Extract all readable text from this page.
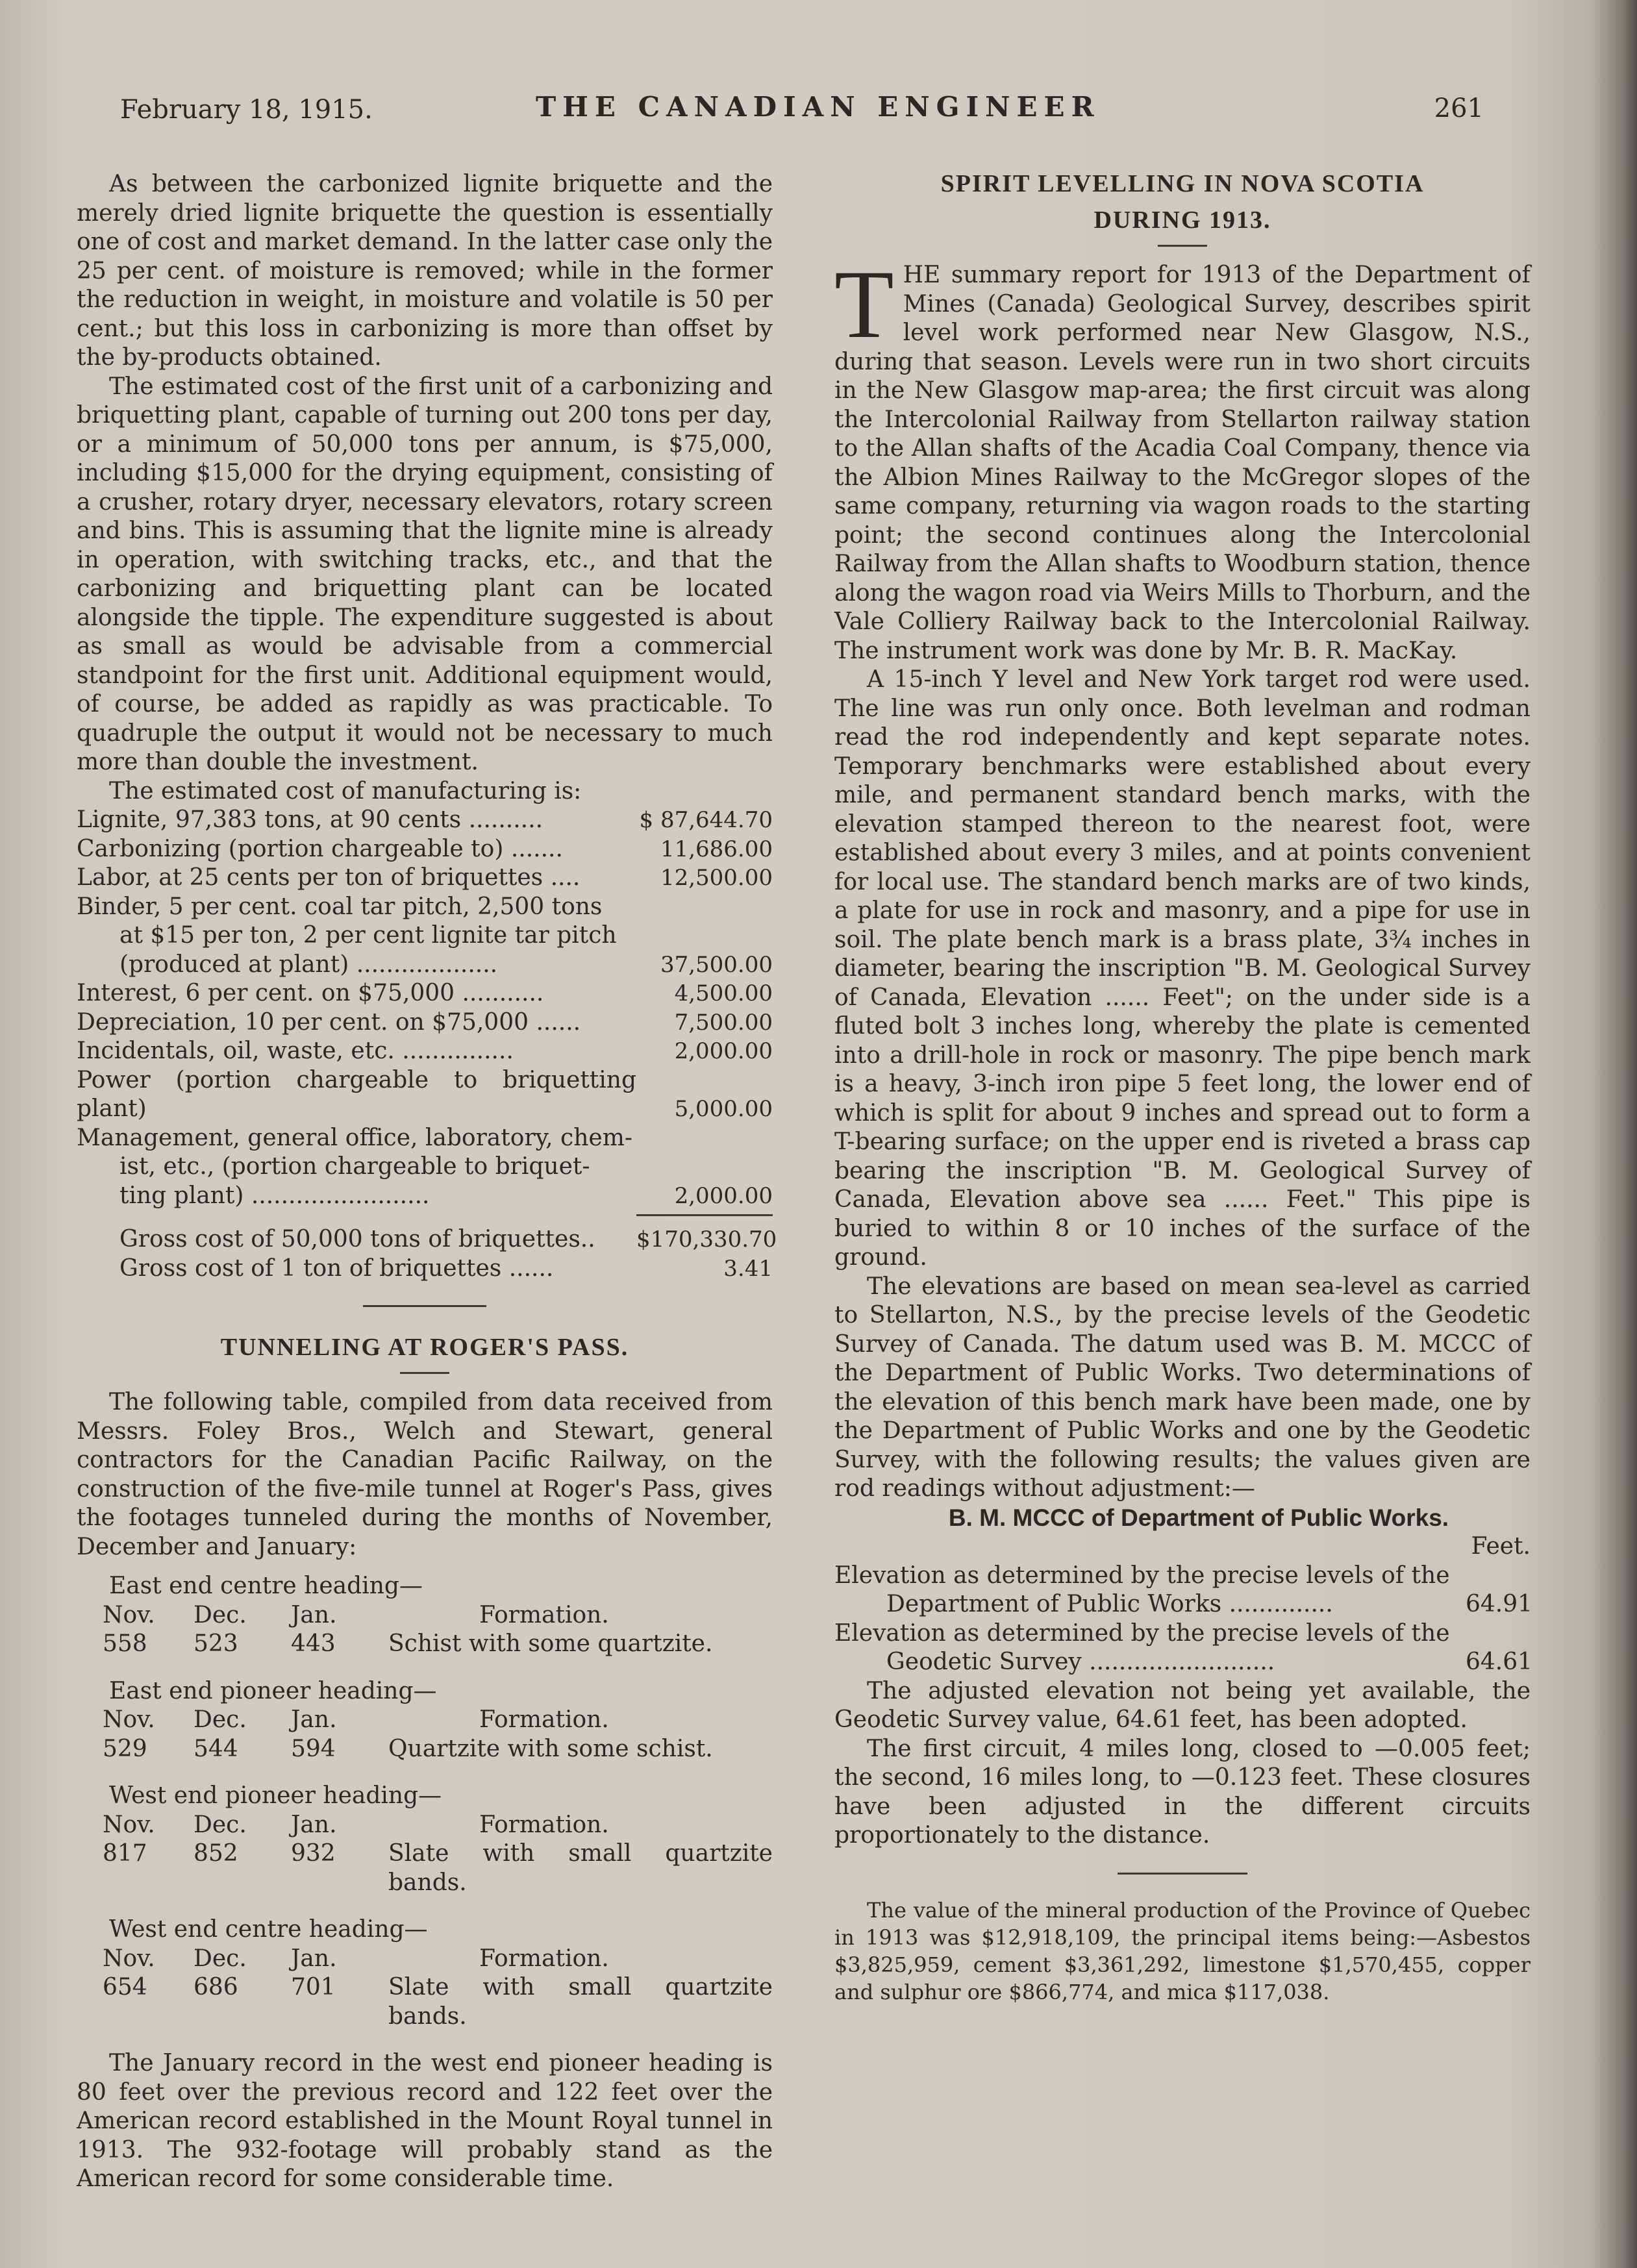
February 18, 1915.	THE CANADIAN ENGINEER	261

As between the carbonized lignite briquette and the merely dried lignite briquette the question is essentially one of cost and market demand. In the latter case only the 25 per cent. of moisture is removed; while in the former the reduction in weight, in moisture and volatile is 50 per cent.; but this loss in carbonizing is more than offset by the by-products obtained.

The estimated cost of the first unit of a carbonizing and briquetting plant, capable of turning out 200 tons per day, or a minimum of 50,000 tons per annum, is $75,000, including $15,000 for the drying equipment, consisting of a crusher, rotary dryer, necessary elevators, rotary screen and bins. This is assuming that the lignite mine is already in operation, with switching tracks, etc., and that the carbonizing and briquetting plant can be located alongside the tipple. The expenditure suggested is about as small as would be advisable from a commercial standpoint for the first unit. Additional equipment would, of course, be added as rapidly as was practicable. To quadruple the output it would not be necessary to much more than double the investment.

The estimated cost of manufacturing is:

Lignite, 97,383 tons, at 90 cents ..........	$ 87,644.70
Carbonizing (portion chargeable to) .......	11,686.00
Labor, at 25 cents per ton of briquettes ....	12,500.00
Binder, 5 per cent. coal tar pitch, 2,500 tons
at $15 per ton, 2 per cent lignite tar pitch
(produced at plant) ...................	37,500.00
Interest, 6 per cent. on $75,000 ...........	4,500.00
Depreciation, 10 per cent. on $75,000 ......	7,500.00
Incidentals, oil, waste, etc. ...............	2,000.00
Power (portion chargeable to briquetting plant)	5,000.00
Management, general office, laboratory, chem-
ist, etc., (portion chargeable to briquet-
ting plant) ........................	2,000.00
Gross cost of 50,000 tons of briquettes..	$170,330.70
Gross cost of 1 ton of briquettes ......	3.41
TUNNELING AT ROGER'S PASS.

The following table, compiled from data received from Messrs. Foley Bros., Welch and Stewart, general contractors for the Canadian Pacific Railway, on the construction of the five-mile tunnel at Roger's Pass, gives the footages tunneled during the months of November, December and January:

East end centre heading—

Nov.	Dec.	Jan.	Formation.
558	523	443	Schist with some quartzite.

East end pioneer heading—

Nov.	Dec.	Jan.	Formation.
529	544	594	Quartzite with some schist.

West end pioneer heading—

Nov.	Dec.	Jan.	Formation.
817	852	932	Slate with small quartzite bands.

West end centre heading—

Nov.	Dec.	Jan.	Formation.
654	686	701	Slate with small quartzite bands.

The January record in the west end pioneer heading is 80 feet over the previous record and 122 feet over the American record established in the Mount Royal tunnel in 1913. The 932-footage will probably stand as the American record for some considerable time.

SPIRIT LEVELLING IN NOVA SCOTIA
DURING 1913.

THE summary report for 1913 of the Department of Mines (Canada) Geological Survey, describes spirit level work performed near New Glasgow, N.S., during that season. Levels were run in two short circuits in the New Glasgow map-area; the first circuit was along the Intercolonial Railway from Stellarton railway station to the Allan shafts of the Acadia Coal Company, thence via the Albion Mines Railway to the McGregor slopes of the same company, returning via wagon roads to the starting point; the second continues along the Intercolonial Railway from the Allan shafts to Woodburn station, thence along the wagon road via Weirs Mills to Thorburn, and the Vale Colliery Railway back to the Intercolonial Railway. The instrument work was done by Mr. B. R. MacKay.

A 15-inch Y level and New York target rod were used. The line was run only once. Both levelman and rodman read the rod independently and kept separate notes. Temporary benchmarks were established about every mile, and permanent standard bench marks, with the elevation stamped thereon to the nearest foot, were established about every 3 miles, and at points convenient for local use. The standard bench marks are of two kinds, a plate for use in rock and masonry, and a pipe for use in soil. The plate bench mark is a brass plate, 3¾ inches in diameter, bearing the inscription "B. M. Geological Survey of Canada, Elevation ...... Feet"; on the under side is a fluted bolt 3 inches long, whereby the plate is cemented into a drill-hole in rock or masonry. The pipe bench mark is a heavy, 3-inch iron pipe 5 feet long, the lower end of which is split for about 9 inches and spread out to form a T-bearing surface; on the upper end is riveted a brass cap bearing the inscription "B. M. Geological Survey of Canada, Elevation above sea ...... Feet." This pipe is buried to within 8 or 10 inches of the surface of the ground.

The elevations are based on mean sea-level as carried to Stellarton, N.S., by the precise levels of the Geodetic Survey of Canada. The datum used was B. M. MCCC of the Department of Public Works. Two determinations of the elevation of this bench mark have been made, one by the Department of Public Works and one by the Geodetic Survey, with the following results; the values given are rod readings without adjustment:—

B. M. MCCC of Department of Public Works.

Feet.

Elevation as determined by the precise levels of the

Department of Public Works ..............	64.91

Elevation as determined by the precise levels of the

Geodetic Survey .........................	64.61

The adjusted elevation not being yet available, the Geodetic Survey value, 64.61 feet, has been adopted.

The first circuit, 4 miles long, closed to —0.005 feet; the second, 16 miles long, to —0.123 feet. These closures have been adjusted in the different circuits proportionately to the distance.

The value of the mineral production of the Province of Quebec in 1913 was $12,918,109, the principal items being:—Asbestos $3,825,959, cement $3,361,292, limestone $1,570,455, copper and sulphur ore $866,774, and mica $117,038.
